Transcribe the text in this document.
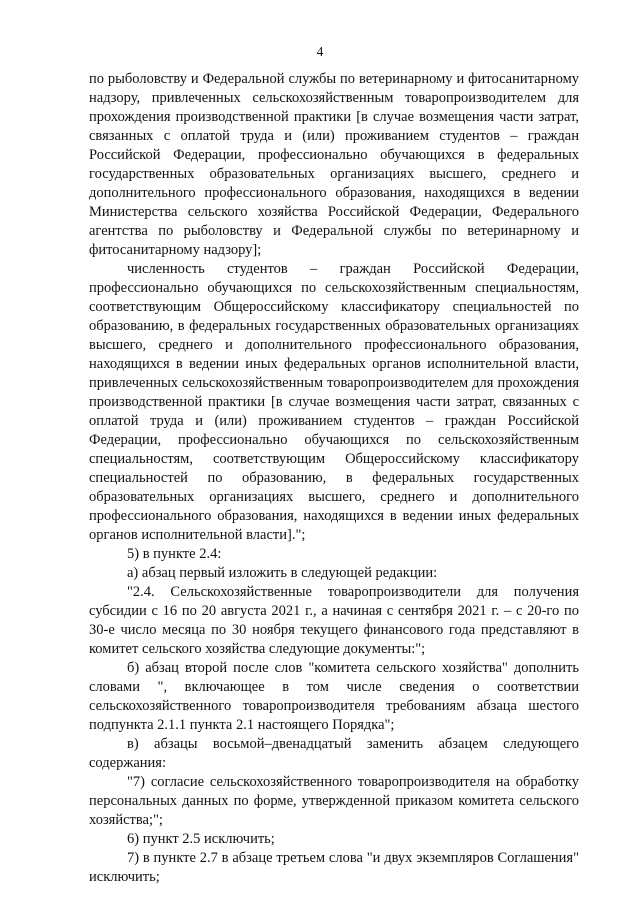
4

по рыболовству и Федеральной службы по ветеринарному и фитосанитарному надзору, привлеченных сельскохозяйственным товаропроизводителем для прохождения производственной практики [в случае возмещения части затрат, связанных с оплатой труда и (или) проживанием студентов – граждан Российской Федерации, профессионально обучающихся в федеральных государственных образовательных организациях высшего, среднего и дополнительного профессионального образования, находящихся в ведении Министерства сельского хозяйства Российской Федерации, Федерального агентства по рыболовству и Федеральной службы по ветеринарному и фитосанитарному надзору];

численность студентов – граждан Российской Федерации, профессионально обучающихся по сельскохозяйственным специальностям, соответствующим Общероссийскому классификатору специальностей по образованию, в федеральных государственных образовательных организациях высшего, среднего и дополнительного профессионального образования, находящихся в ведении иных федеральных органов исполнительной власти, привлеченных сельскохозяйственным товаропроизводителем для прохождения производственной практики [в случае возмещения части затрат, связанных с оплатой труда и (или) проживанием студентов – граждан Российской Федерации, профессионально обучающихся по сельскохозяйственным специальностям, соответствующим Общероссийскому классификатору специальностей по образованию, в федеральных государственных образовательных организациях высшего, среднего и дополнительного профессионального образования, находящихся в ведении иных федеральных органов исполнительной власти].";

5) в пункте 2.4:

а) абзац первый изложить в следующей редакции:

"2.4. Сельскохозяйственные товаропроизводители для получения субсидии с 16 по 20 августа 2021 г., а начиная с сентября 2021 г. – с 20-го по 30-е число месяца по 30 ноября текущего финансового года представляют в комитет сельского хозяйства следующие документы:";

б) абзац второй после слов "комитета сельского хозяйства" дополнить словами ", включающее в том числе сведения о соответствии сельскохозяйственного товаропроизводителя требованиям абзаца шестого подпункта 2.1.1 пункта 2.1 настоящего Порядка";

в) абзацы восьмой–двенадцатый заменить абзацем следующего содержания:

"7) согласие сельскохозяйственного товаропроизводителя на обработку персональных данных по форме, утвержденной приказом комитета сельского хозяйства;";

6) пункт 2.5 исключить;

7) в пункте 2.7 в абзаце третьем слова "и двух экземпляров Соглашения" исключить;
